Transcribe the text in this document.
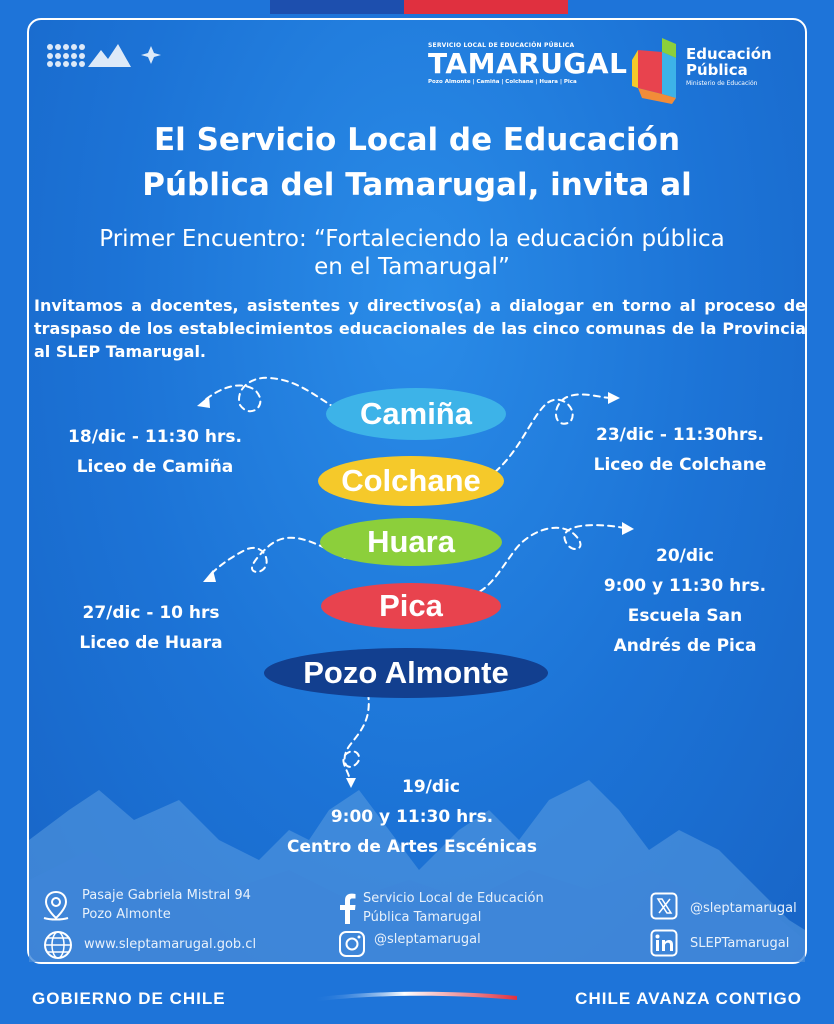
SERVICIO LOCAL DE EDUCACIÓN PÚBLICA
TAMARUGAL
Pozo Almonte | Camiña | Colchane | Huara | Pica
Educación
Pública
Ministerio de Educación
El Servicio Local de Educación
Pública del Tamarugal, invita al
Primer Encuentro: “Fortaleciendo la educación pública
en el Tamarugal”
Invitamos a docentes, asistentes y directivos(a) a dialogar en torno al proceso de traspaso de los establecimientos educacionales de las cinco comunas de la Provincia al SLEP Tamarugal.
Camiña
Colchane
Huara
Pica
Pozo Almonte
18/dic - 11:30 hrs.
Liceo de Camiña
23/dic - 11:30hrs.
Liceo de Colchane
20/dic
9:00 y 11:30 hrs.
Escuela San
Andrés de Pica
27/dic - 10 hrs
Liceo de Huara
19/dic
9:00 y 11:30 hrs.
Centro de Artes Escénicas
Pasaje Gabriela Mistral 94
Pozo Almonte
www.sleptamarugal.gob.cl
Servicio Local de Educación
Pública Tamarugal
@sleptamarugal
@sleptamarugal
SLEPTamarugal
GOBIERNO DE CHILE	CHILE AVANZA CONTIGO
